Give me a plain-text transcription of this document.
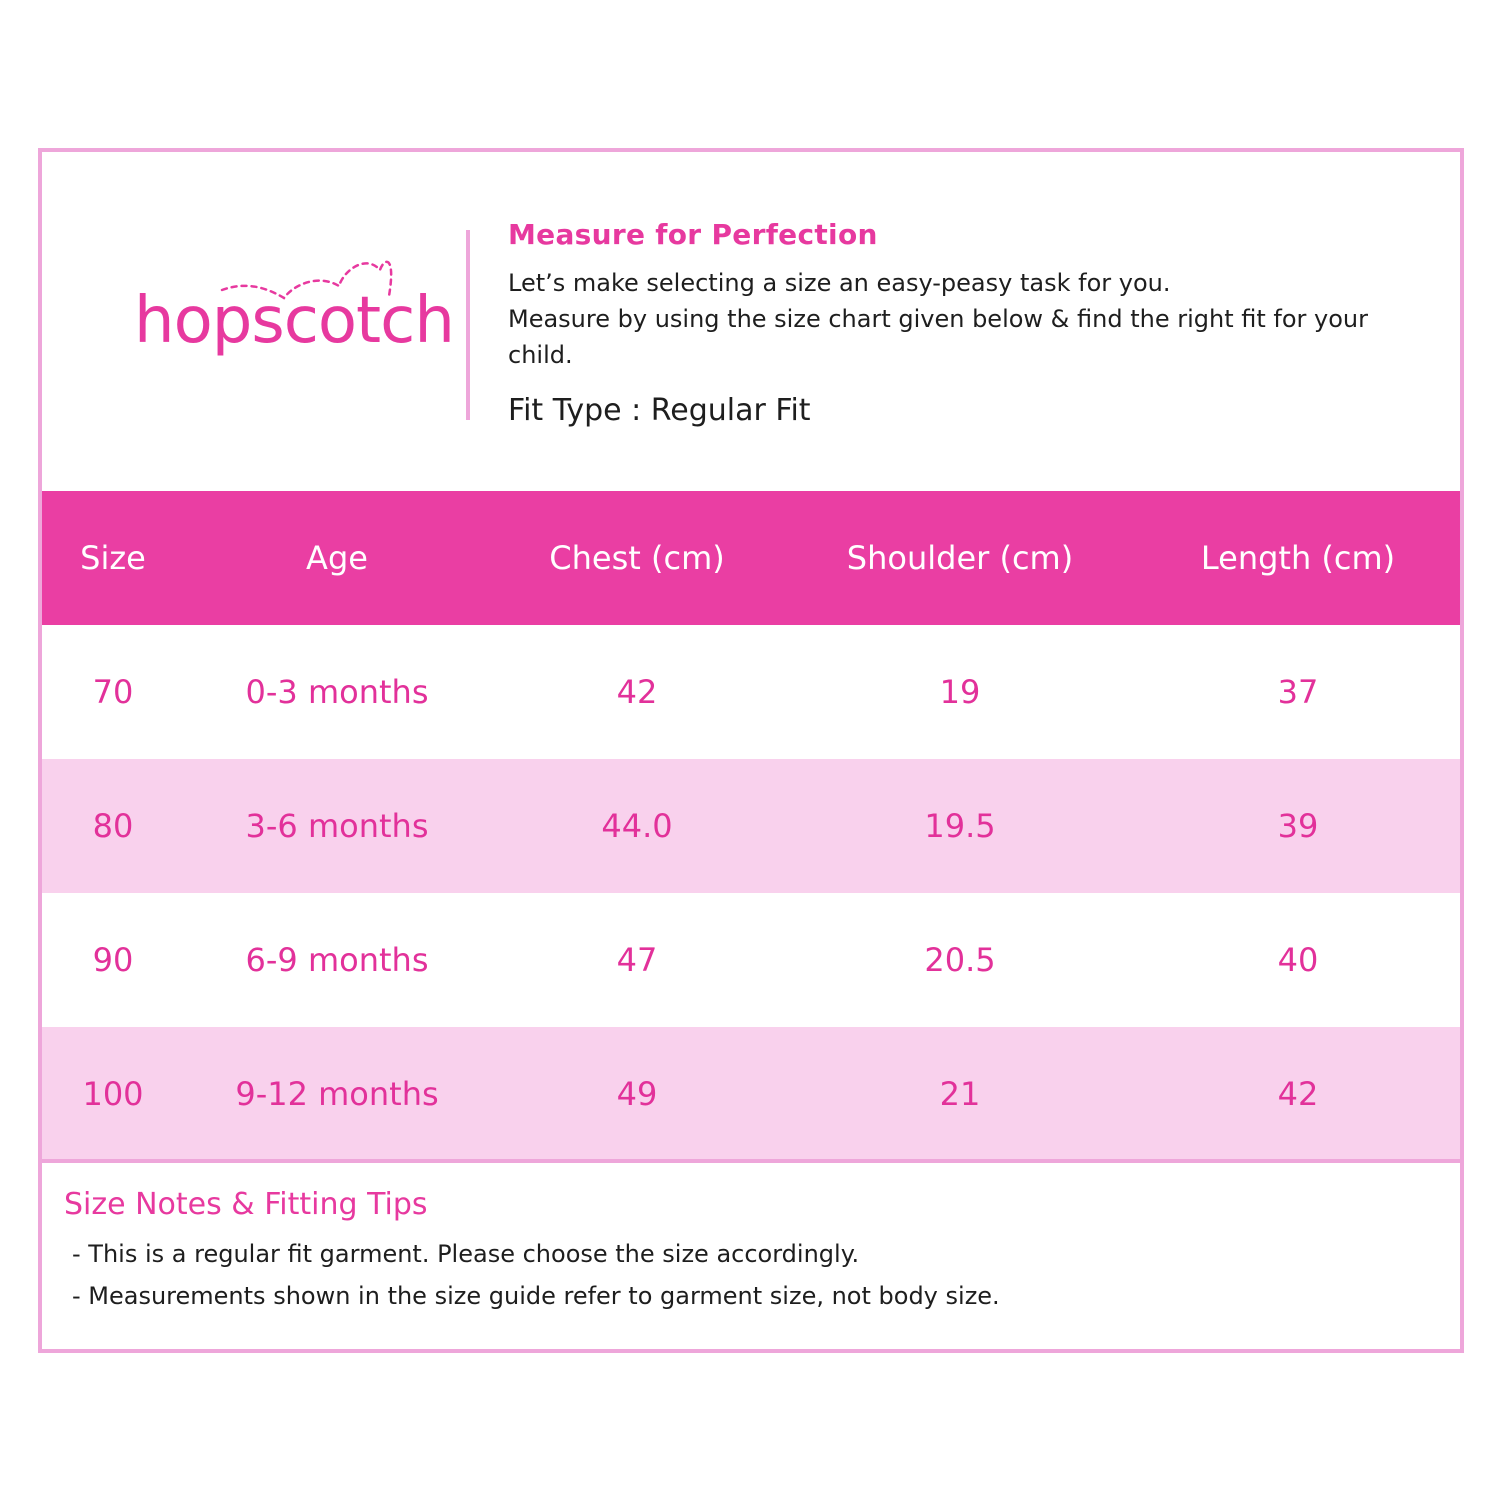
hopscotch
Measure for Perfection

Let’s make selecting a size an easy-peasy task for you.

Measure by using the size chart given below & find the right fit for your

child.

Fit Type : Regular Fit
Size	Age	Chest (cm)	Shoulder (cm)	Length (cm)
70	0-3 months	42	19	37
80	3-6 months	44.0	19.5	39
90	6-9 months	47	20.5	40
100	9-12 months	49	21	42
Size Notes & Fitting Tips

- This is a regular fit garment. Please choose the size accordingly.

- Measurements shown in the size guide refer to garment size, not body size.
